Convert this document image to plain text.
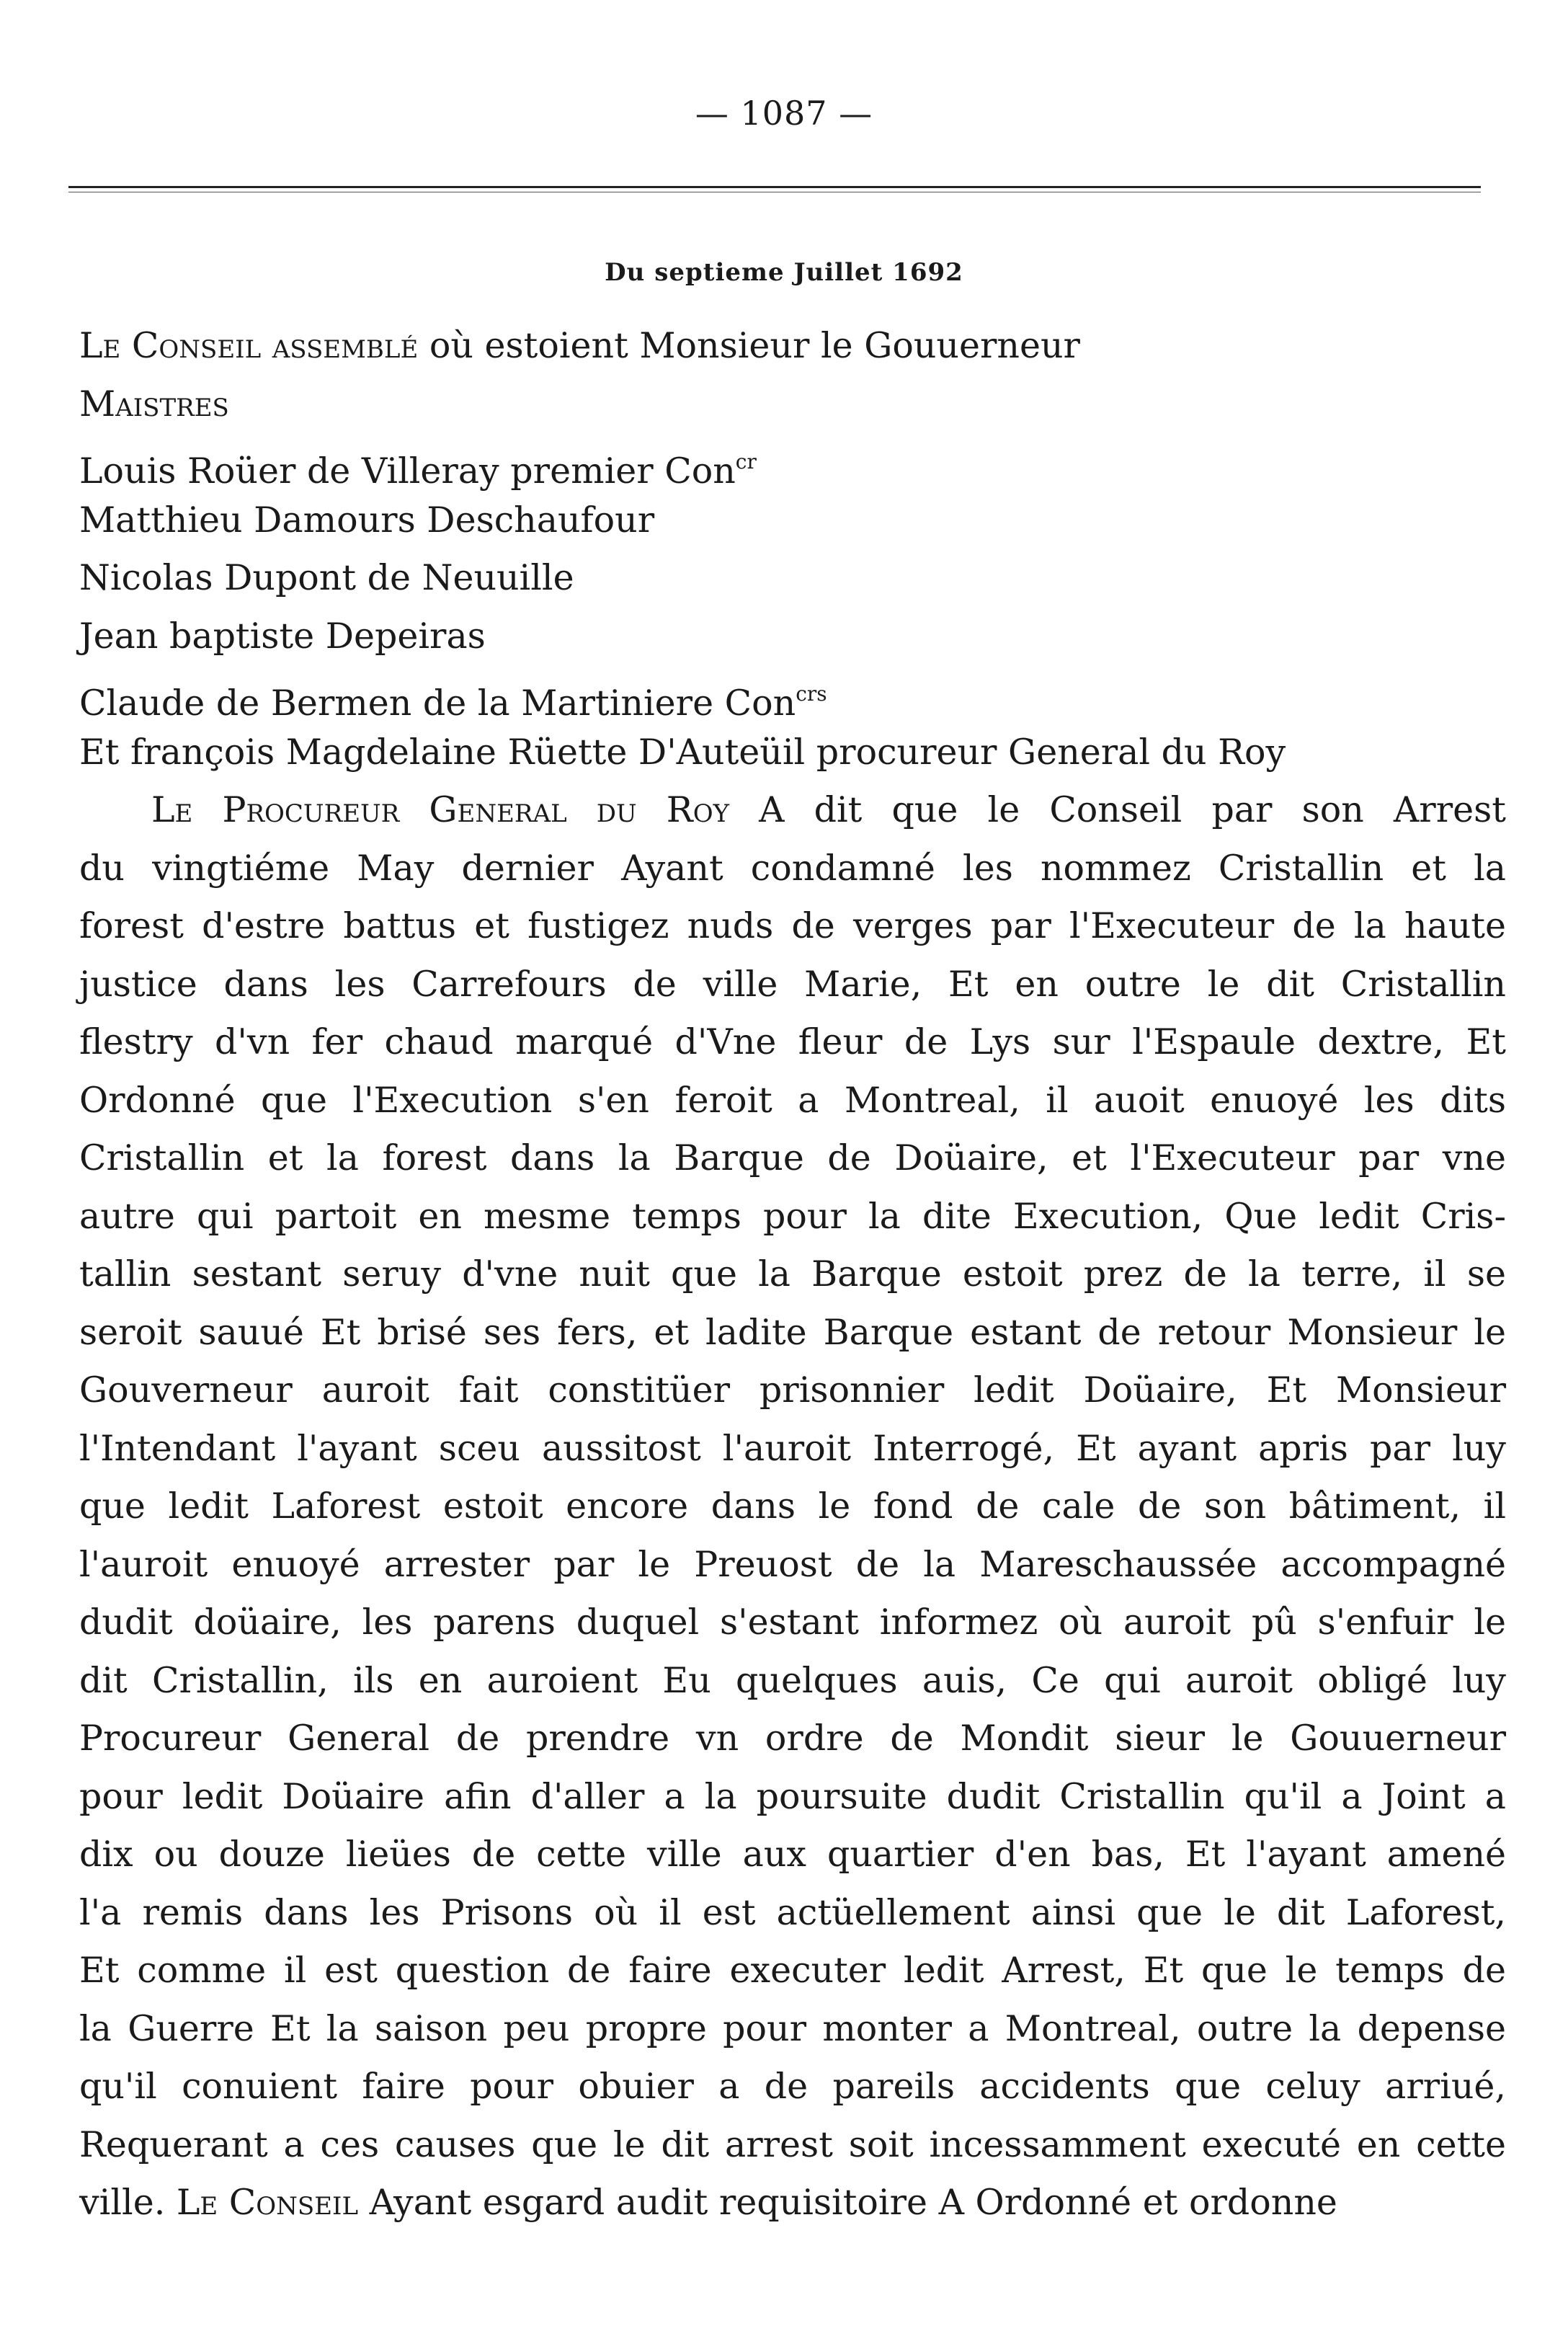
— 1087 —
Du septieme Juillet 1692
Le Conseil assemblé où estoient Monsieur le Gouuerneur
Maistres
Louis Roüer de Villeray premier Con$^{cr}$
Matthieu Damours Deschaufour
Nicolas Dupont de Neuuille
Jean baptiste Depeiras
Claude de Bermen de la Martiniere Con$^{crs}$
Et françois Magdelaine Rüette D'Auteüil procureur General du Roy
Le Procureur General du Roy A dit que le Conseil par son Arrest
du vingtiéme May dernier Ayant condamné les nommez Cristallin et la
forest d'estre battus et fustigez nuds de verges par l'Executeur de la haute
justice dans les Carrefours de ville Marie, Et en outre le dit Cristallin
flestry d'vn fer chaud marqué d'Vne fleur de Lys sur l'Espaule dextre, Et
Ordonné que l'Execution s'en feroit a Montreal, il auoit enuoyé les dits
Cristallin et la forest dans la Barque de Doüaire, et l'Executeur par vne
autre qui partoit en mesme temps pour la dite Execution, Que ledit Cris-
tallin sestant seruy d'vne nuit que la Barque estoit prez de la terre, il se
seroit sauué Et brisé ses fers, et ladite Barque estant de retour Monsieur le
Gouverneur auroit fait constitüer prisonnier ledit Doüaire, Et Monsieur
l'Intendant l'ayant sceu aussitost l'auroit Interrogé, Et ayant apris par luy
que ledit Laforest estoit encore dans le fond de cale de son bâtiment, il
l'auroit enuoyé arrester par le Preuost de la Mareschaussée accompagné
dudit doüaire, les parens duquel s'estant informez où auroit pû s'enfuir le
dit Cristallin, ils en auroient Eu quelques auis, Ce qui auroit obligé luy
Procureur General de prendre vn ordre de Mondit sieur le Gouuerneur
pour ledit Doüaire afin d'aller a la poursuite dudit Cristallin qu'il a Joint a
dix ou douze lieües de cette ville aux quartier d'en bas, Et l'ayant amené
l'a remis dans les Prisons où il est actüellement ainsi que le dit Laforest,
Et comme il est question de faire executer ledit Arrest, Et que le temps de
la Guerre Et la saison peu propre pour monter a Montreal, outre la depense
qu'il conuient faire pour obuier a de pareils accidents que celuy arriué,
Requerant a ces causes que le dit arrest soit incessamment executé en cette
ville. Le Conseil Ayant esgard audit requisitoire A Ordonné et ordonne
